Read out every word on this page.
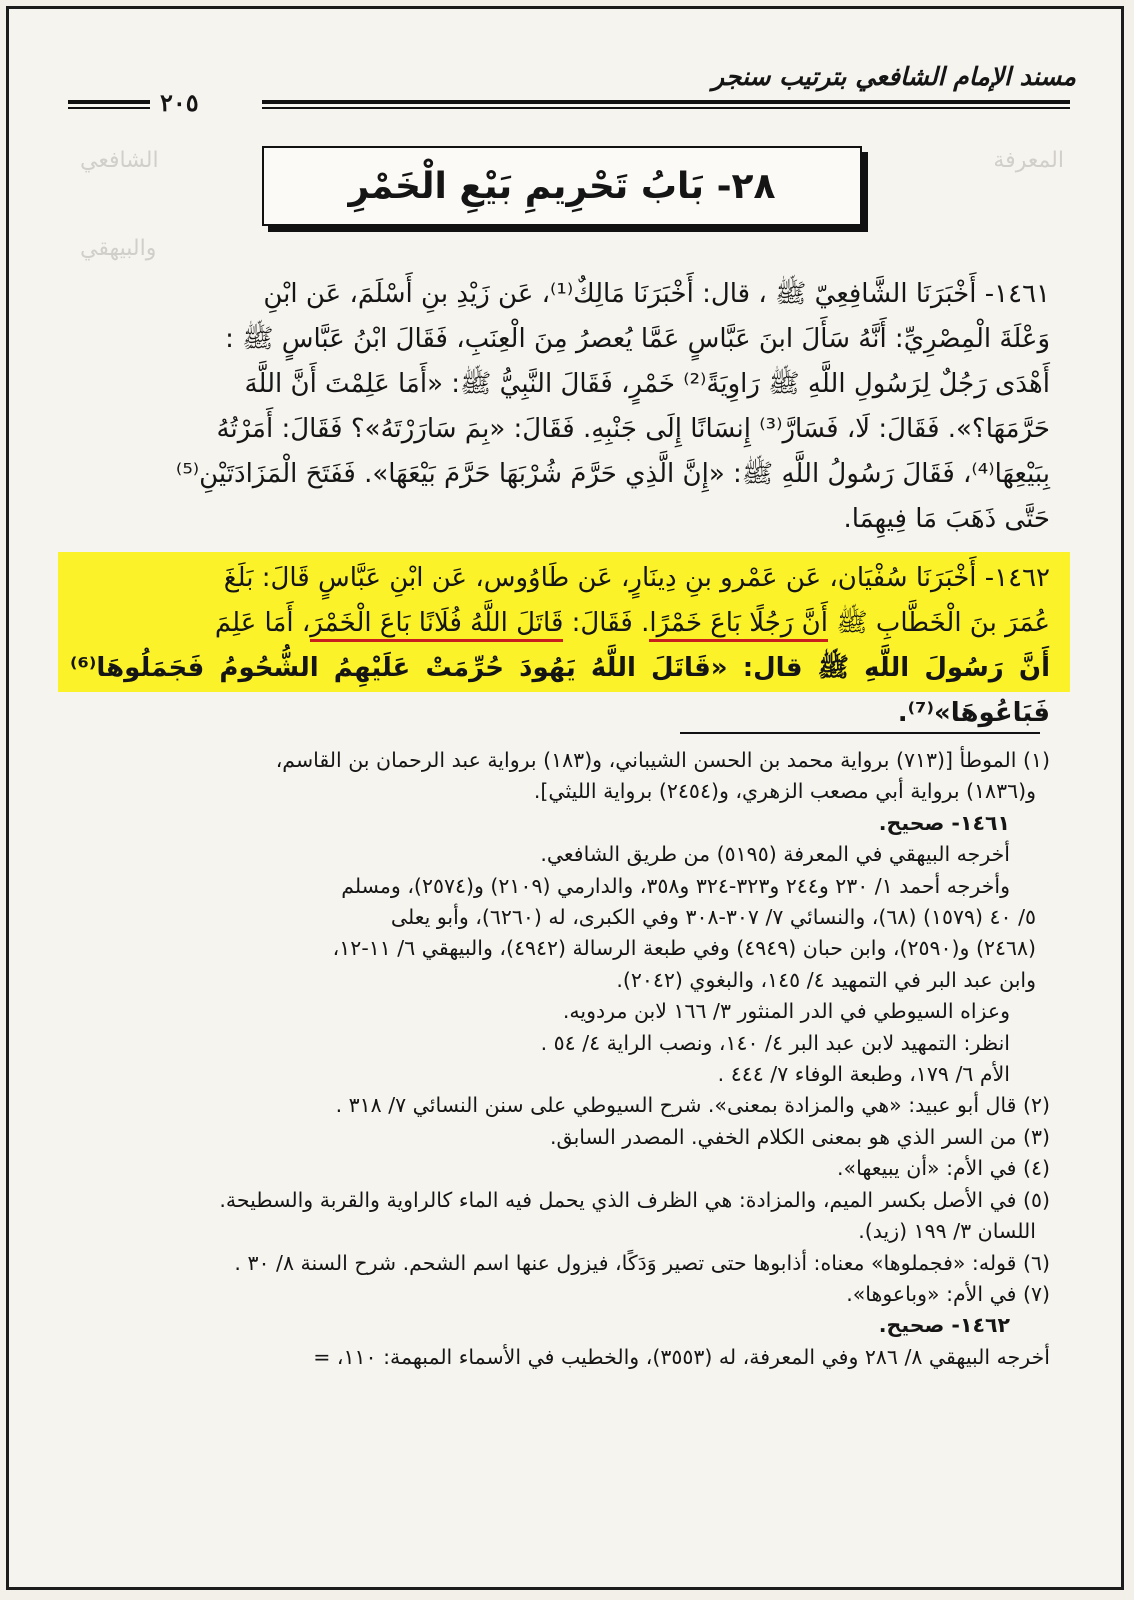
المعرفة
الشافعي
والبيهقي
مسند الإمام الشافعي بترتيب سنجر
٢٠٥
٢٨- بَابُ تَحْرِيمِ بَيْعِ الْخَمْرِ

١٤٦١- أَخْبَرَنَا الشَّافِعِيّ ﷺ ، قال: أَخْبَرَنَا مَالِكٌ⁽¹⁾، عَن زَيْدِ بنِ أَسْلَمَ، عَن ابْنِ

وَعْلَةَ الْمِصْرِيِّ: أَنَّهُ سَأَلَ ابنَ عَبَّاسٍ عَمَّا يُعصرُ مِنَ الْعِنَبِ، فَقَالَ ابْنُ عَبَّاسٍ ﷺ :

أَهْدَى رَجُلٌ لِرَسُولِ اللَّهِ ﷺ رَاوِيَةً⁽²⁾ خَمْرٍ، فَقَالَ النَّبِيُّ ﷺ: «أَمَا عَلِمْتَ أَنَّ اللَّهَ

حَرَّمَهَا؟». فَقَالَ: لَا، فَسَارَّ⁽³⁾ إِنسَانًا إِلَى جَنْبِهِ. فَقَالَ: «بِمَ سَارَرْتَهُ»؟ فَقَالَ: أَمَرْتُهُ

بِبَيْعِهَا⁽⁴⁾، فَقَالَ رَسُولُ اللَّهِ ﷺ: «إِنَّ الَّذِي حَرَّمَ شُرْبَهَا حَرَّمَ بَيْعَهَا». فَفَتَحَ الْمَزَادَتَيْنِ⁽⁵⁾

حَتَّى ذَهَبَ مَا فِيهِمَا.

١٤٦٢- أَخْبَرَنَا سُفْيَان، عَن عَمْرو بنِ دِينَارٍ، عَن طَاوُوس، عَن ابْنِ عَبَّاسٍ قَالَ: بَلَغَ

عُمَرَ بنَ الْخَطَّابِ ﷺ أَنَّ رَجُلًا بَاعَ خَمْرًا. فَقَالَ: قَاتَلَ اللَّهُ فُلَانًا بَاعَ الْخَمْرَ، أَمَا عَلِمَ

أَنَّ رَسُولَ اللَّهِ ﷺ قال: «قَاتَلَ اللَّهُ يَهُودَ حُرِّمَتْ عَلَيْهِمُ الشُّحُومُ فَجَمَلُوهَا⁽⁶⁾ فَبَاعُوهَا»⁽⁷⁾.

(١) الموطأ [(٧١٣) برواية محمد بن الحسن الشيباني، و(١٨٣) برواية عبد الرحمان بن القاسم،

و(١٨٣٦) برواية أبي مصعب الزهري، و(٢٤٥٤) برواية الليثي].

١٤٦١- صحيح.

أخرجه البيهقي في المعرفة (٥١٩٥) من طريق الشافعي.

وأخرجه أحمد ١/ ٢٣٠ و٢٤٤ و٣٢٣-٣٢٤ و٣٥٨، والدارمي (٢١٠٩) و(٢٥٧٤)، ومسلم

٥/ ٤٠ (١٥٧٩) (٦٨)، والنسائي ٧/ ٣٠٧-٣٠٨ وفي الكبرى، له (٦٢٦٠)، وأبو يعلى

(٢٤٦٨) و(٢٥٩٠)، وابن حبان (٤٩٤٩) وفي طبعة الرسالة (٤٩٤٢)، والبيهقي ٦/ ١١-١٢،

وابن عبد البر في التمهيد ٤/ ١٤٥، والبغوي (٢٠٤٢).

وعزاه السيوطي في الدر المنثور ٣/ ١٦٦ لابن مردويه.

انظر: التمهيد لابن عبد البر ٤/ ١٤٠، ونصب الراية ٤/ ٥٤ .

الأم ٦/ ١٧٩، وطبعة الوفاء ٧/ ٤٤٤ .

(٢) قال أبو عبيد: «هي والمزادة بمعنى». شرح السيوطي على سنن النسائي ٧/ ٣١٨ .

(٣) من السر الذي هو بمعنى الكلام الخفي. المصدر السابق.

(٤) في الأم: «أن يبيعها».

(٥) في الأصل بكسر الميم، والمزادة: هي الظرف الذي يحمل فيه الماء كالراوية والقربة والسطيحة.

اللسان ٣/ ١٩٩ (زيد).

(٦) قوله: «فجملوها» معناه: أذابوها حتى تصير وَدَكًا، فيزول عنها اسم الشحم. شرح السنة ٨/ ٣٠ .

(٧) في الأم: «وباعوها».

١٤٦٢- صحيح.

أخرجه البيهقي ٨/ ٢٨٦ وفي المعرفة، له (٣٥٥٣)، والخطيب في الأسماء المبهمة: ١١٠، =
